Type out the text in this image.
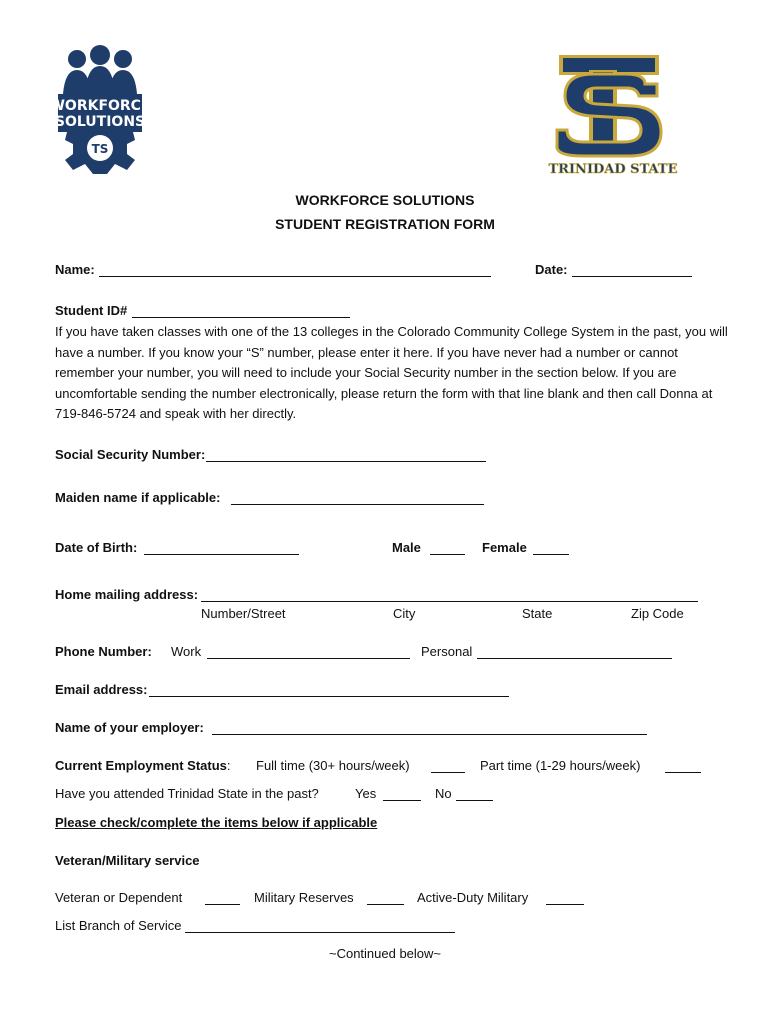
WORKFORCE
SOLUTIONS
TS
TRINIDAD STATE
WORKFORCE SOLUTIONS
STUDENT REGISTRATION FORM
Name:	Date:
Student ID#
If you have taken classes with one of the 13 colleges in the Colorado Community College System in the past, you will have a number. If you know your “S” number, please enter it here. If you have never had a number or cannot remember your number, you will need to include your Social Security number in the section below. If you are uncomfortable sending the number electronically, please return the form with that line blank and then call Donna at 719-846-5724 and speak with her directly.
Social Security Number:
Maiden name if applicable:
Date of Birth:	Male	Female
Home mailing address:
Number/Street	City	State	Zip Code
Phone Number: Work	Personal
Email address:
Name of your employer:
Current Employment Status: Full time (30+ hours/week)	Part time (1-29 hours/week)
Have you attended Trinidad State in the past?	Yes	No
Please check/complete the items below if applicable
Veteran/Military service
Veteran or Dependent	Military Reserves	Active-Duty Military
List Branch of Service
~Continued below~
